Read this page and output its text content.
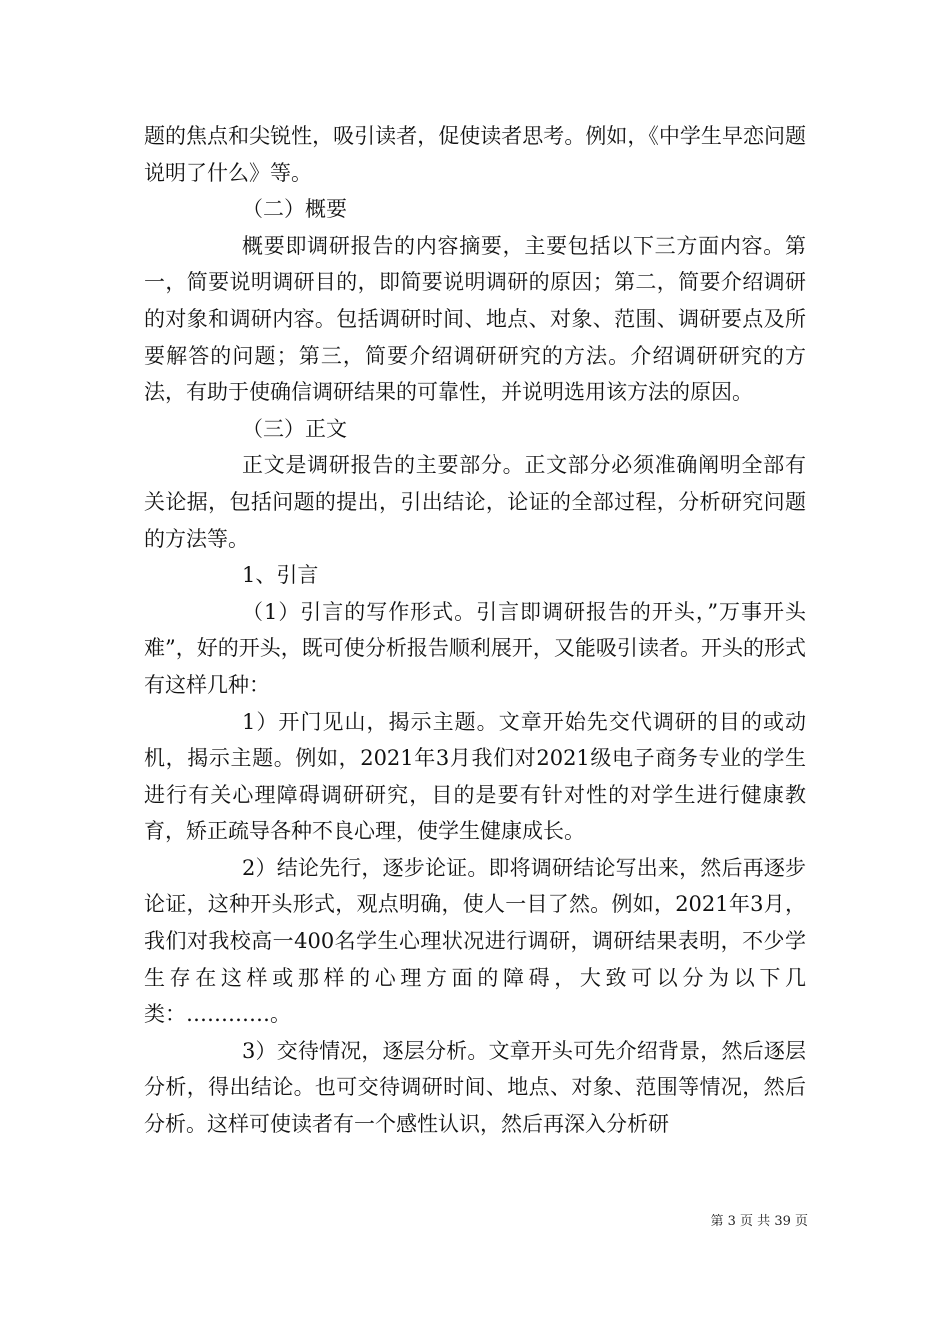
题的焦点和尖锐性，吸引读者，促使读者思考。例如，《中学生早恋问题说明了什么》等。

（二）概要

概要即调研报告的内容摘要，主要包括以下三方面内容。第一，简要说明调研目的，即简要说明调研的原因；第二，简要介绍调研的对象和调研内容。包括调研时间、地点、对象、范围、调研要点及所要解答的问题；第三，简要介绍调研研究的方法。介绍调研研究的方法，有助于使确信调研结果的可靠性，并说明选用该方法的原因。

（三）正文

正文是调研报告的主要部分。正文部分必须准确阐明全部有关论据，包括问题的提出，引出结论，论证的全部过程，分析研究问题的方法等。

1、引言

（1）引言的写作形式。引言即调研报告的开头，”万事开头难”，好的开头，既可使分析报告顺利展开，又能吸引读者。开头的形式有这样几种：

1）开门见山，揭示主题。文章开始先交代调研的目的或动机，揭示主题。例如，2021年3月我们对2021级电子商务专业的学生进行有关心理障碍调研研究，目的是要有针对性的对学生进行健康教育，矫正疏导各种不良心理，使学生健康成长。

2）结论先行，逐步论证。即将调研结论写出来，然后再逐步论证，这种开头形式，观点明确，使人一目了然。例如，2021年3月，我们对我校高一400名学生心理状况进行调研，调研结果表明，不少学生存在这样或那样的心理方面的障碍，大致可以分为以下几类：…………。

3）交待情况，逐层分析。文章开头可先介绍背景，然后逐层分析，得出结论。也可交待调研时间、地点、对象、范围等情况，然后分析。这样可使读者有一个感性认识，然后再深入分析研

第 3 页 共 39 页
